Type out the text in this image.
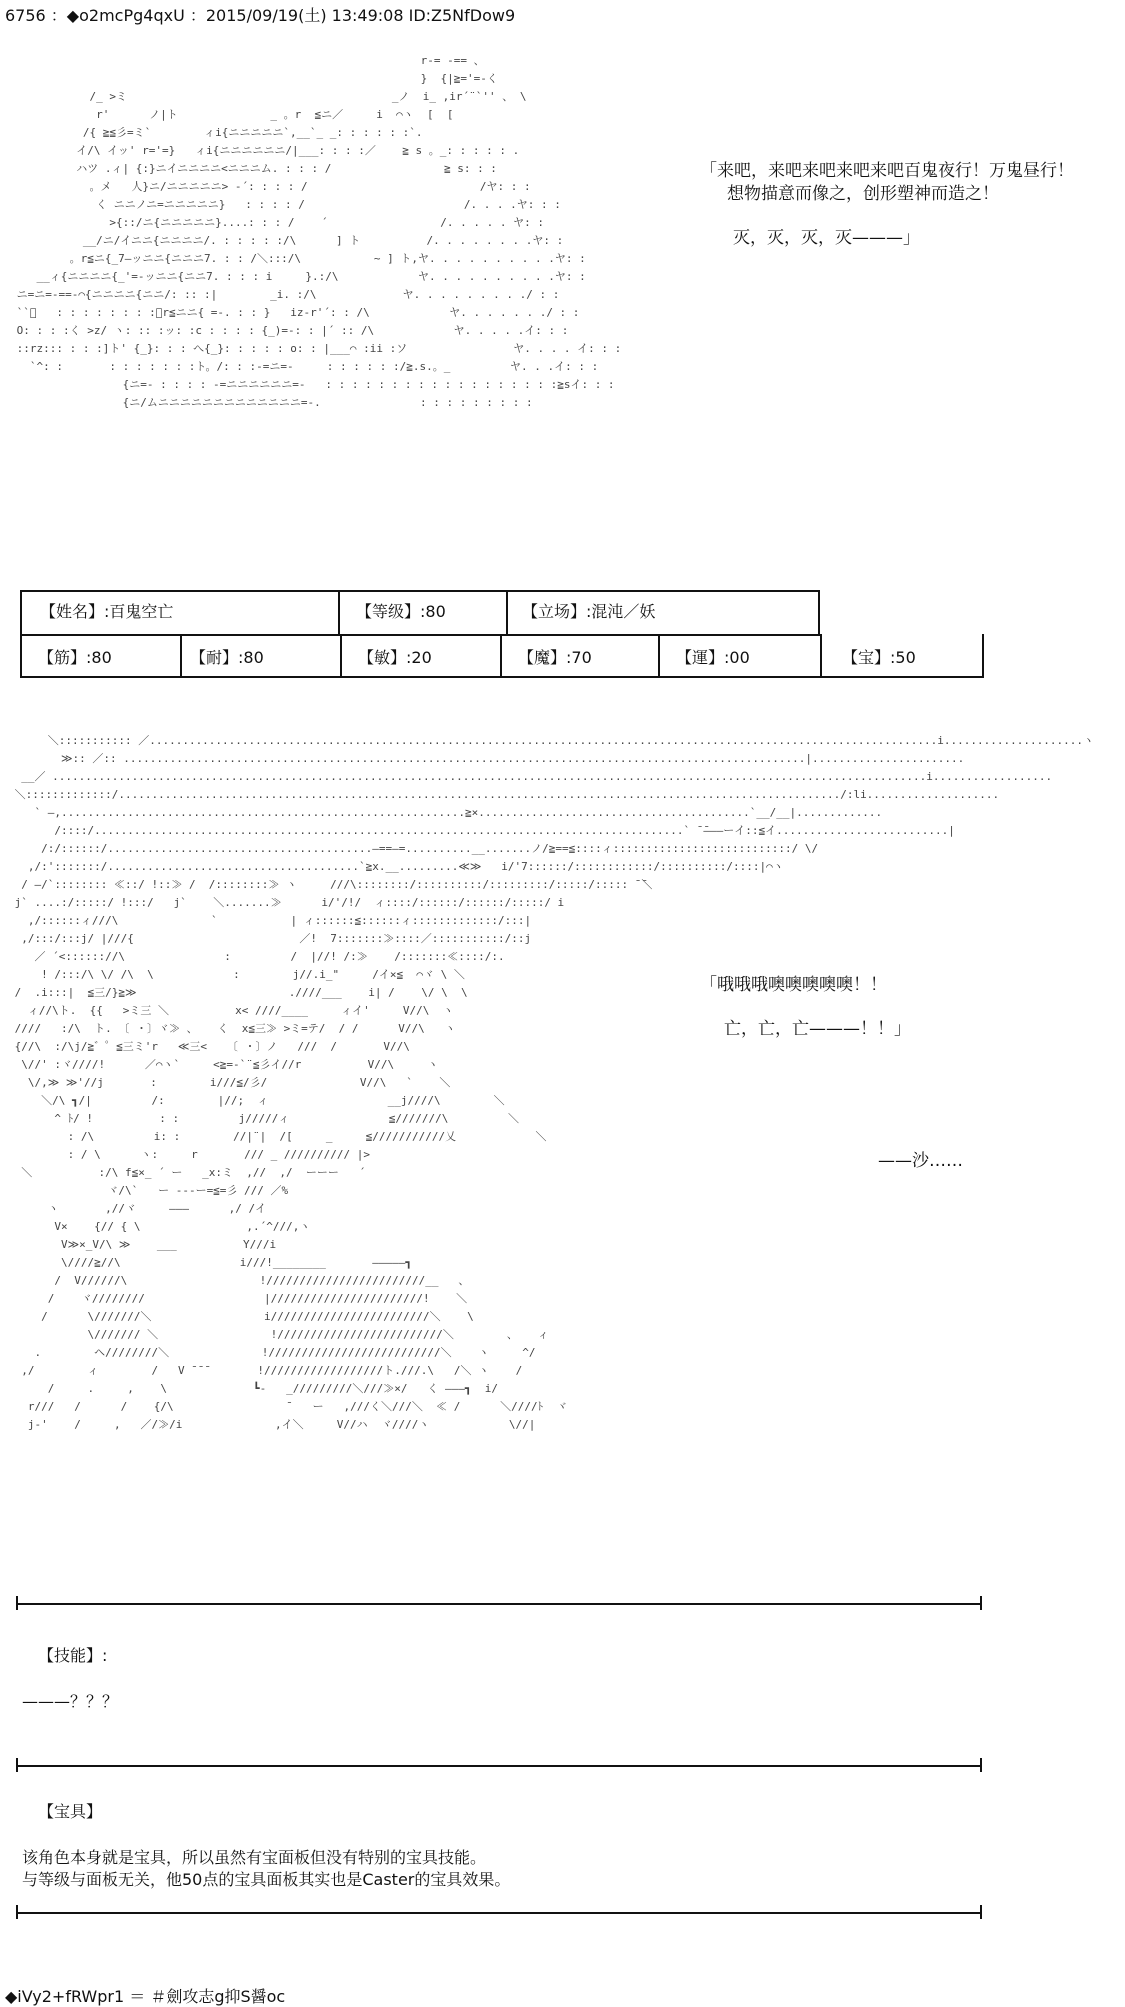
6756 ：◆o2mcPg4qxU ：2015/09/19(土) 13:49:08 ID:Z5NfDow9
r‐= -== 、
}  {|≧='=-く
/_ >ミ                                        _ノ  i_ ,ir´¨`'' 、 \
r'      ノ|ト              _ 。r  ≦ニ／     i  ⌒ヽ  [  [
/{ ≧≦彡=ミ`        ィi{ニニニニニ`,__`_ _: : : : : :`.
イ/\ イッ' r='=}   ィi{ニニニニニニ/|___: : : :／    ≧ s 。_: : : : : .
ハツ .ィ| {:}ニイニニニニ<ニニニム. : : : /                 ≧ s: : :
。メ   人}ニ/ニニニニニ> ‐´: : : : /                          /ヤ: : :
く ニニノニ=ニニニニニ}   : : : : /                        /. . . .ヤ: : :
>{::/ニ{ニニニニニ}....: : : /    ´                 /. . . . . ヤ: :
__/ニ/イニニ{ニニニニ/. : : : : :/\      ] ト          /. . . . . . . .ヤ: :
。r≦ニ{_7―ッニニ{ニニニ7. : : /＼:::/\           ~ ] ト,ヤ. . . . . . . . . .ヤ: :
__ィ{ニニニニ{_'=‐ッニニ{ニニ7. : : : i     }.:/\            ヤ. . . . . . . . . .ヤ: :
ニ=ニ=‐==‐⌒{ニニニニ{ニニ/: :: :|        _i. :/\             ヤ. . . . . . . . ./ : :
``゙   : : : : : : : :。r≦ニニ{ =‐. : : }   iz‐r'´: : /\            ヤ. . . . . . ./ : :
O: : : :く >z/ ヽ: :: :ッ: :c : : : : {_)=‐: : |´ :: /\            ヤ. . . . .イ: : :
::rz::: : : :]ト' {_}: : : へ{_}: : : : : o: : |___⌒ :ii :ソ                ヤ. . . . イ: : :
`^: :       : : : : : : :ト。/: : :-=ニ=-     : : : : : :/≧.s.。_         ヤ. . .イ: : :
{ニ=‐ : : : : -=ニニニニニニ=-   : : : : : : : : : : : : : : : : : :≧sイ: : :
{ニ/ムニニニニニニニニニニニニニ=-.               : : : : : : : : :
「来吧，来吧来吧来吧来吧百鬼夜行！万鬼昼行！
想物描意而像之，创形塑神而造之！
灭，灭，灭，灭———」
【姓名】:百鬼空亡	【等级】:80	【立场】:混沌／妖
【筋】:80	【耐】:80	【敏】:20	【魔】:70	【運】:00	【宝】:50
＼::::::::::: ／.......................................................................................................................i.....................ヽ
≫:: ／:: .......................................................................................................|.......................
__／ ....................................................................................................................................i..................
＼:::::::::::::/............................................................................................................./:li....................
` ―,.............................................................≧×.........................................`__/__|.............
/::::/.........................................................................................` ̄ ̄―――ーイ::≦イ..........................|
/:/::::::/........................................―==―=..........__.......ノ/≧==≦::::ィ:::::::::::::::::::::::::::/ \/
,/:':::::::/......................................`≧x.__.........≪≫   i/'7::::::/::::::::::::/::::::::::/::::|⌒ヽ
/ ―/`:::::::: ≪::/ !::≫ /  /::::::::≫ ヽ     ///\::::::::/::::::::::/:::::::::/:::::/::::: ̄ ̄＼
j` ....:/:::::/ !:::/   j`    ＼.......≫      i/'/!/  ィ::::/::::::/::::::/:::::/ i
,/::::::ィ///\              `           | ィ::::::≦::::::ィ:::::::::::::/:::|
,/:::/:::j/ |///{                         ／!  7:::::::≫::::／:::::::::::/::j
／ ´<:::::://\               :         /  |//! /:≫    /:::::::≪::::/:.
! /:::/\ \/ /\  \            :        j//.i_"     /イ×≦  ⌒ヾ \ ＼
/  .i:::|  ≦三/}≧≫                       .////___    i| /    \/ \  \
ィ//\ト.  {{   >ミ三 ＼          x< ////____     ィイ'     V//\  ヽ
////   :/\  ト. 〔 ・〕ヾ≫ 、   く  x≦三≫ >ミ=テ/  / /      V//\   ヽ
{//\  :/\j/≧゛゜≦三ミ'r   ≪三<   〔 ・〕ノ   ///  /       V//\
\//' :ヾ////!      ／⌒ヽ`     <≧=‐`¨≦彡イ//r          V//\     ヽ
\/,≫ ≫'//j       :        i///≦/彡/              V//\   `    ＼
＼/\ ┓/|         /:        |//;  ィ                  __j////\        ＼
^ ﾄ/ !          : :         j/////ィ               ≦///////\         ＼
: /\         i: :        //|¨|  /[     _     ≦///////////乂            ＼
: / \      ヽ:     r       /// _ ////////// |>
＼          :/\ f≦×_ ´ ー   _x:ミ  ,//  ,/  ーーー   ´
ヾ/\`   ー ---ー=≦=彡 /// ／%
ヽ       ,//ヾ     ―――      ,/ /イ
V×    {// { \                ,.´^///,ヽ
V≫×_V/\ ≫    ___          Y///i
\////≧//\                  i///!________       ―――――┓
/  V//////\                    !////////////////////////__   、
/    ヾ////////                  |///////////////////////!    ＼
/      \///////＼                 i////////////////////////＼    \
\/////// ＼                 !/////////////////////////＼        、   ィ
.        ヘ////////＼              !//////////////////////////＼    ヽ     ^/
,/        ィ        /   V ̄ ̄ ̄        !//////////////////ト.///.\   /＼ ヽ    /
/     .     ,    \             ┗-   _/////////＼///≫×/   く ―――┓  i/
r///   /      /    {/\                 ̄    ー   ,///く＼///＼  ≪ /      ＼////ﾄ  ヾ
j-'    /     ,   ／/≫/i              ,イ＼     V//ハ  ヾ////ヽ            \//|
「哦哦哦噢噢噢噢噢！！
亡，亡，亡———！！」
——沙……
【技能】:
———？？？
【宝具】
该角色本身就是宝具，所以虽然有宝面板但没有特别的宝具技能。
与等级与面板无关，他50点的宝具面板其实也是Caster的宝具效果。
◆iVy2+fRWpr1 ＝ ＃劍攻志g抑S醤oc
